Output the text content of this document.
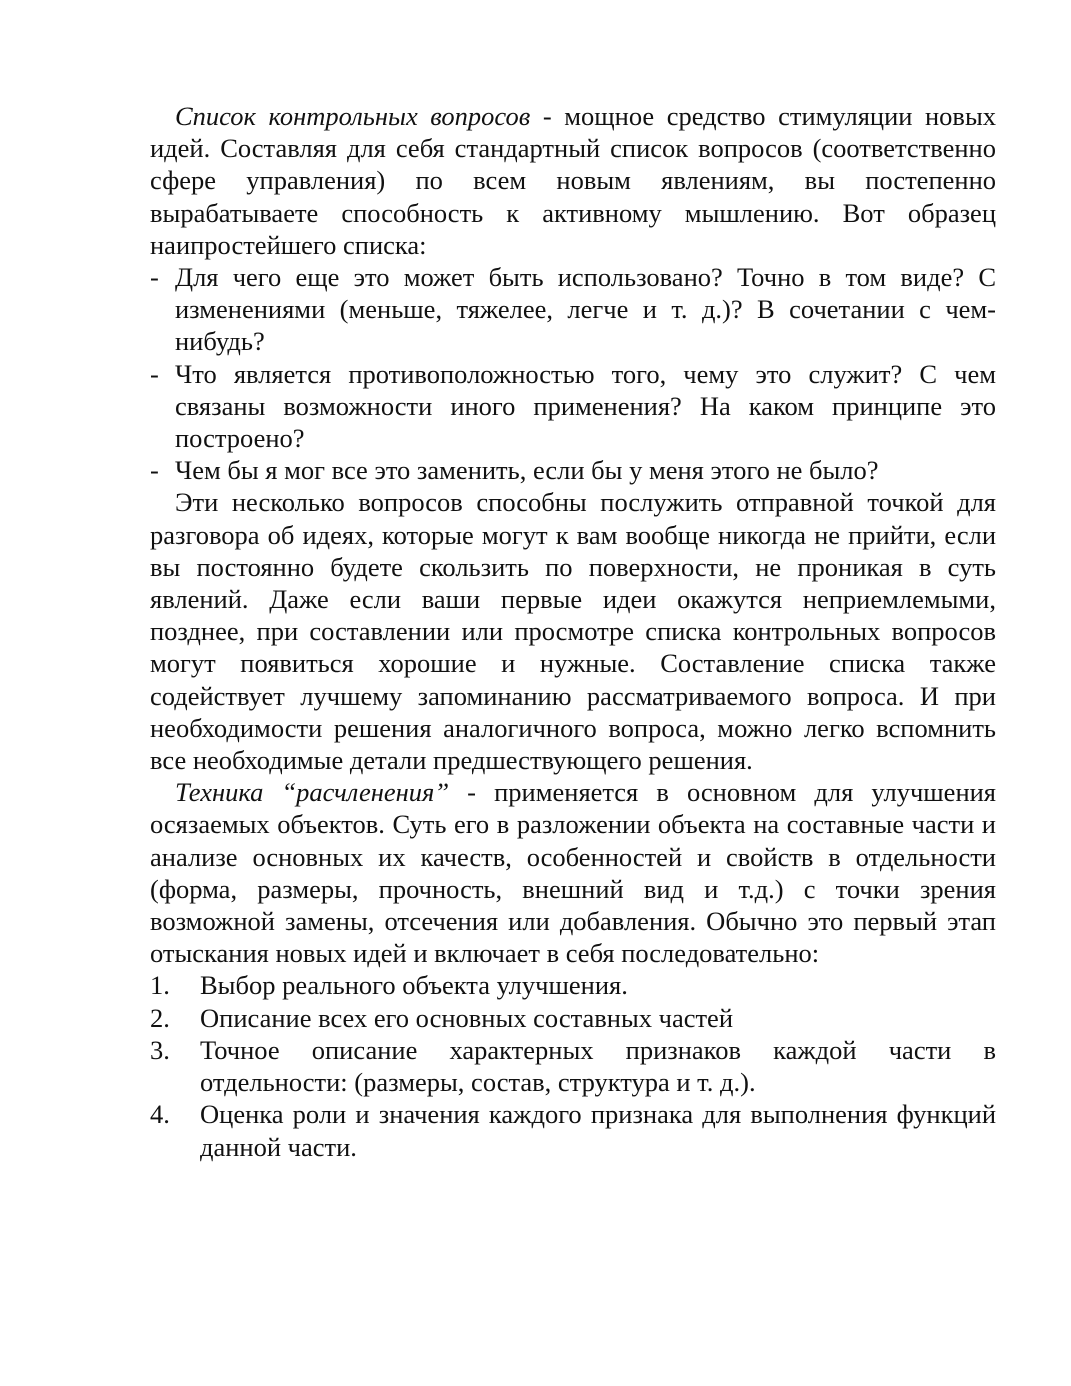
Список контрольных вопросов - мощное средство стимуляции новых идей. Составляя для себя стандартный список вопросов (соответственно сфере управления) по всем новым явлениям, вы постепенно вырабатываете способность к активному мышлению. Вот образец наипростейшего списка:

- Для чего еще это может быть использовано? Точно в том виде? С изменениями (меньше, тяжелее, легче и т. д.)? В сочетании с чем-нибудь?
- Что является противоположностью того, чему это служит? С чем связаны возможности иного применения? На каком принципе это построено?
- Чем бы я мог все это заменить, если бы у меня этого не было?

Эти несколько вопросов способны послужить отправной точкой для разговора об идеях, которые могут к вам вообще никогда не прийти, если вы постоянно будете скользить по поверхности, не проникая в суть явлений. Даже если ваши первые идеи окажутся неприемлемыми, позднее, при составлении или просмотре списка контрольных вопросов могут появиться хорошие и нужные. Составление списка также содействует лучшему запоминанию рассматриваемого вопроса. И при необходимости решения аналогичного вопроса, можно легко вспомнить все необходимые детали предшествующего решения.

Техника “расчленения” - применяется в основном для улучшения осязаемых объектов. Суть его в разложении объекта на составные части и анализе основных их качеств, особенностей и свойств в отдельности (форма, размеры, прочность, внешний вид и т.д.) с точки зрения возможной замены, отсечения или добавления. Обычно это первый этап отыскания новых идей и включает в себя последовательно:

1. Выбор реального объекта улучшения.
2. Описание всех его основных составных частей
3. Точное описание характерных признаков каждой части в отдельности: (размеры, состав, структура и т. д.).
4. Оценка роли и значения каждого признака для выполнения функций данной части.
